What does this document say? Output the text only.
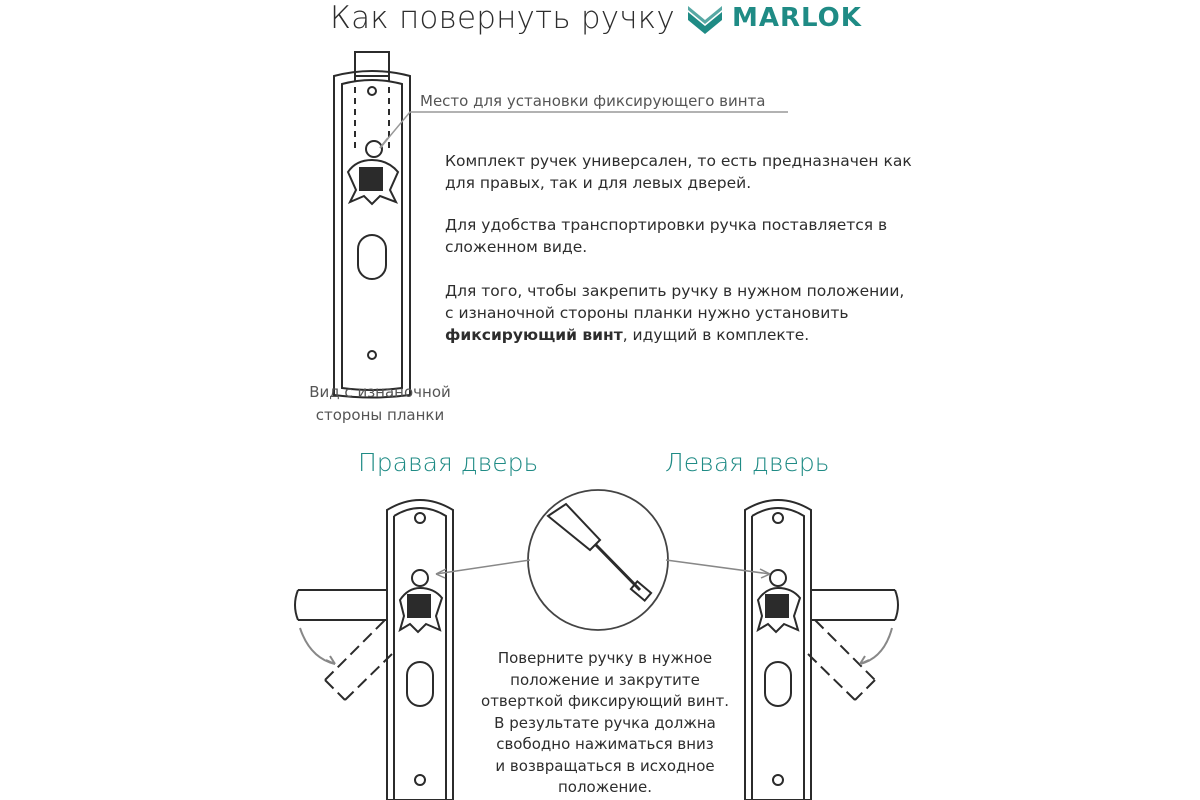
Как повернуть ручку MARLOK
Место для установки фиксирующего винта
Комплект ручек универсален, то есть предназначен как для правых, так и для левых дверей.
Для удобства транспортировки ручка поставляется в сложенном виде.
Для того, чтобы закрепить ручку в нужном положении, с изнаночной стороны планки нужно установить фиксирующий винт, идущий в комплекте.
Вид с изнаночной
стороны планки
Правая дверь	Левая дверь
Поверните ручку в нужное
положение и закрутите
отверткой фиксирующий винт.
В результате ручка должна
свободно нажиматься вниз
и возвращаться в исходное
положение.
